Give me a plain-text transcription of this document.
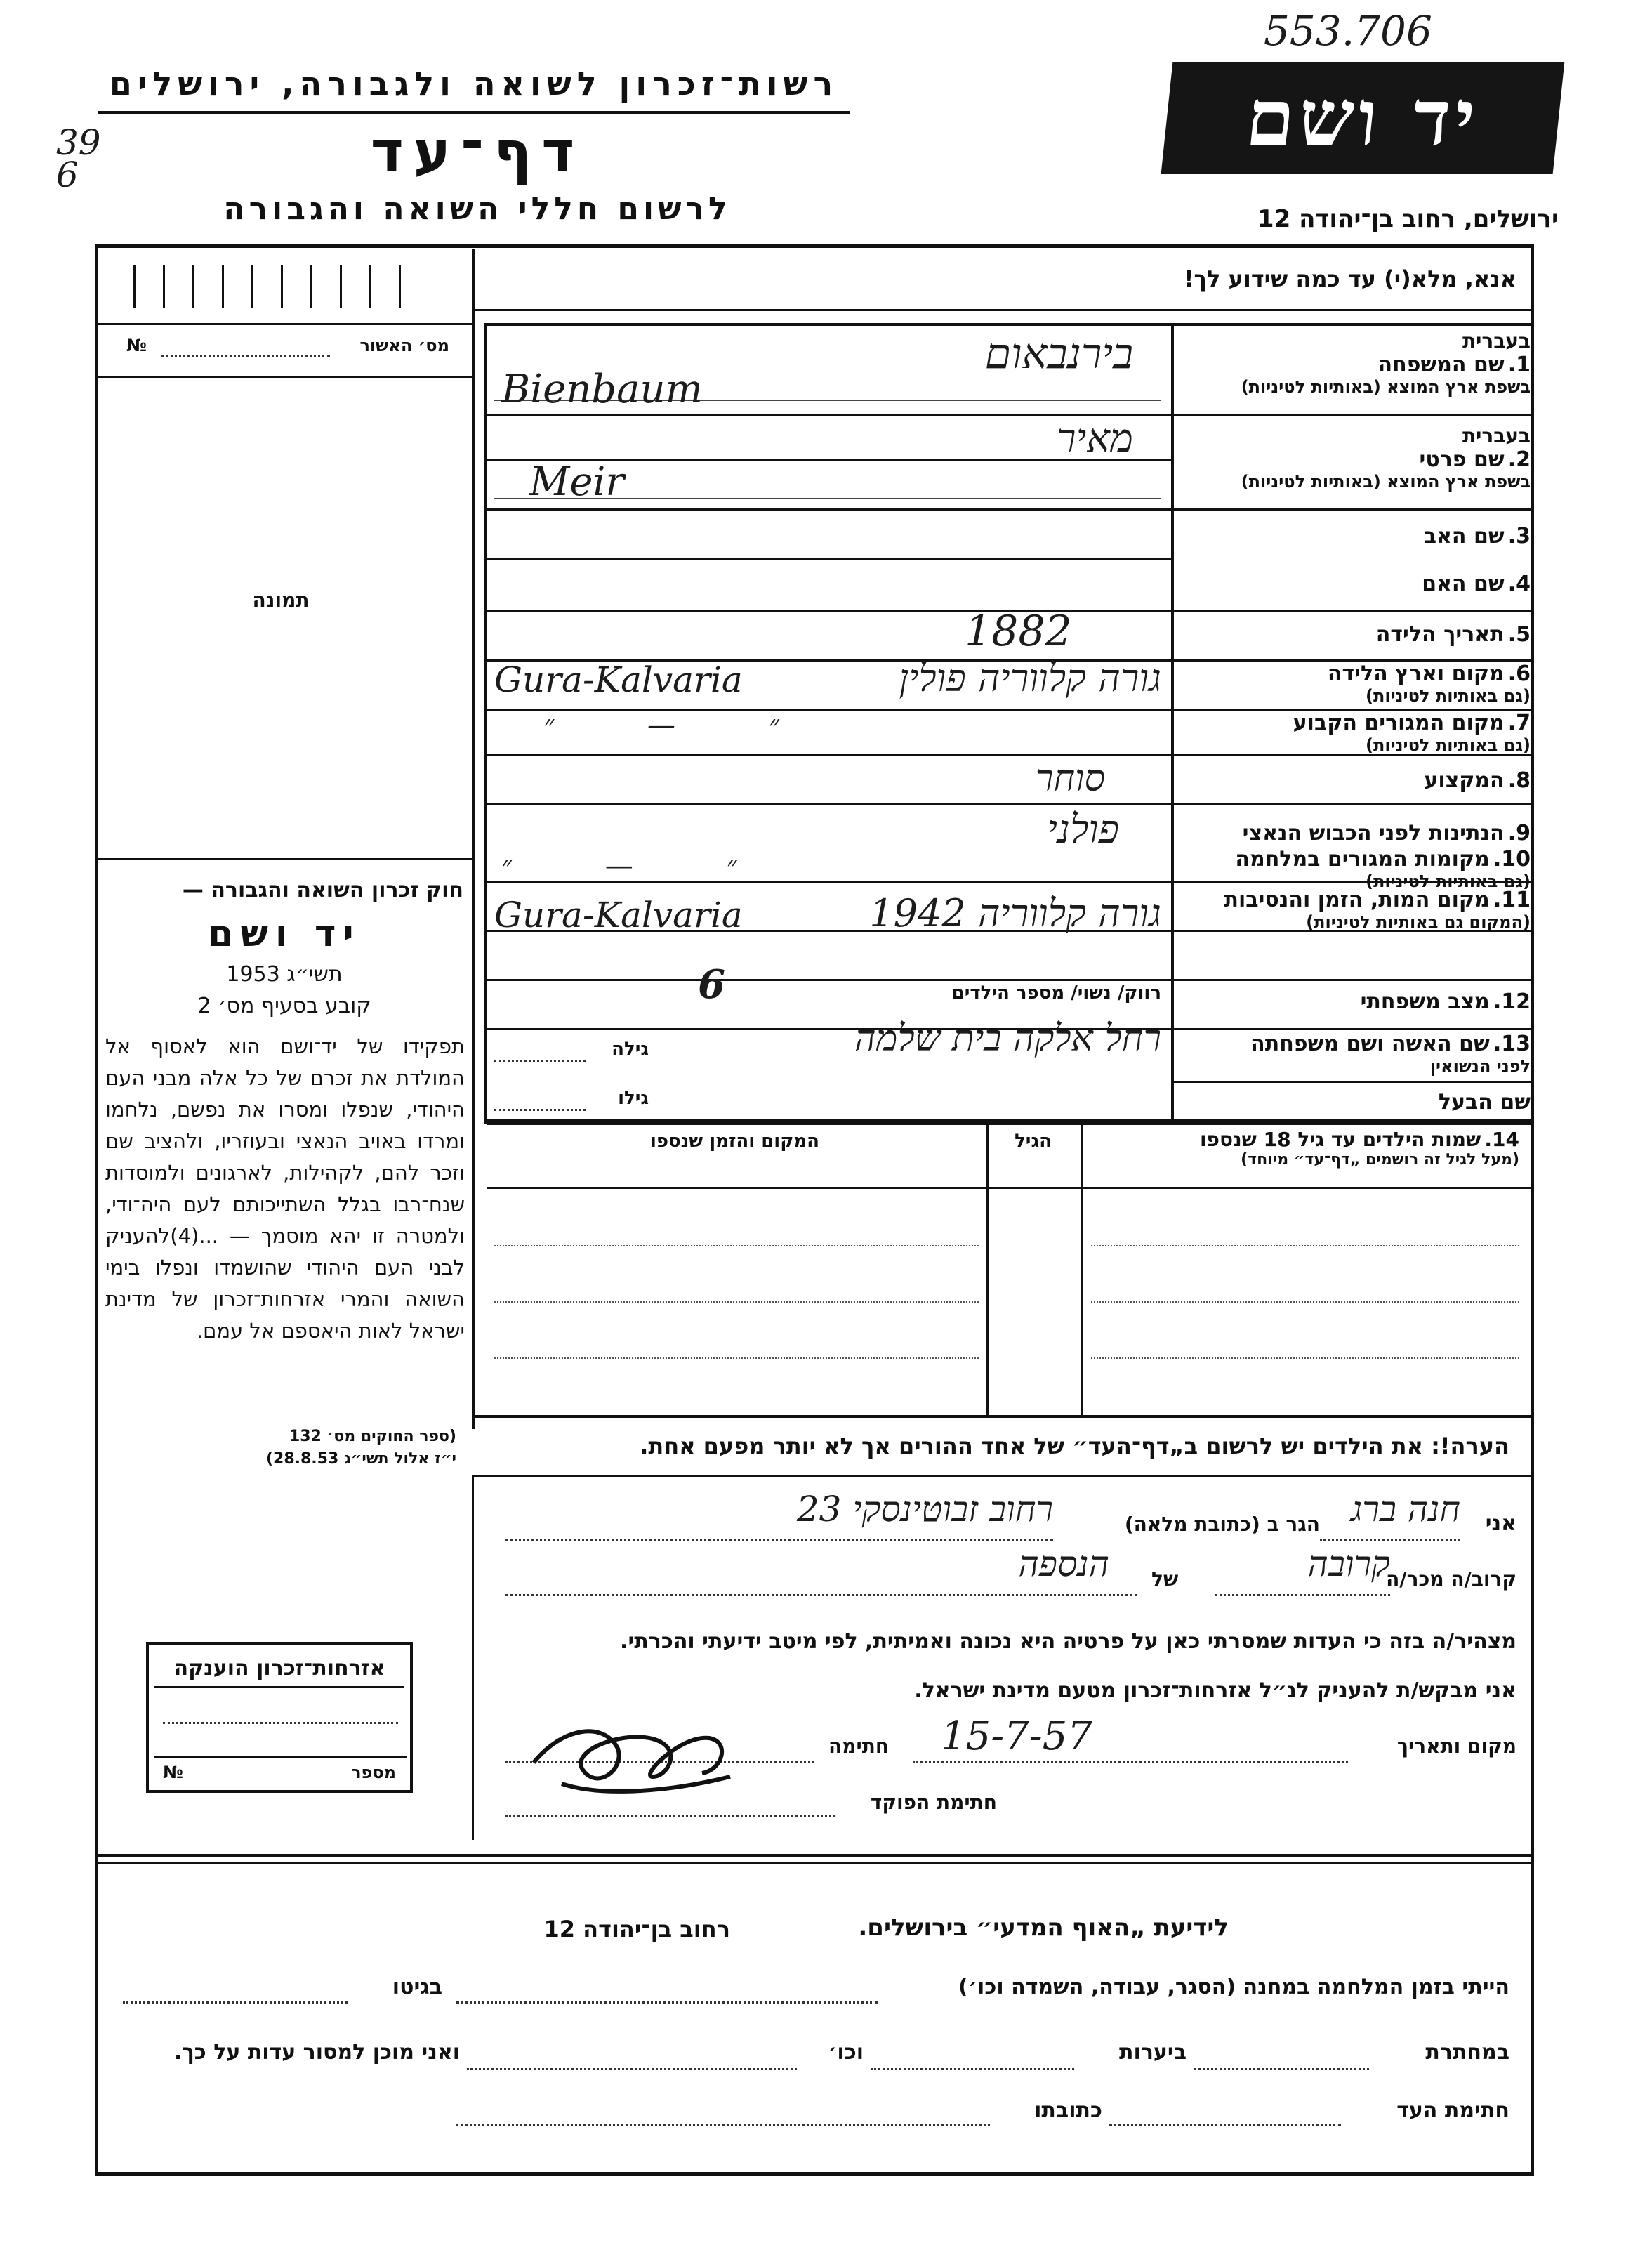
553.706
39
6
רשות־זכרון לשואה ולגבורה, ירושלים	יד ושם
דף־עד
לרשום חללי השואה והגבורה	ירושלים, רחוב בן־יהודה 12
מס׳ האשור
№
תמונה
חוק זכרון השואה והגבורה —
יד ושם
תשי״ג 1953
קובע בסעיף מס׳ 2
תפקידו של יד־ושם הוא לאסוף אל המולדת את זכרם של כל אלה מבני העם היהודי, שנפלו ומסרו את נפשם, נלחמו ומרדו באויב הנאצי ובעוזריו, ולהציב שם וזכר להם, לקהילות, לארגונים ולמוסדות שנח־רבו בגלל השתייכותם לעם היה־ודי, ולמטרה זו יהא מוסמך — ...(4)להעניק לבני העם היהודי שהושמדו ונפלו בימי השואה והמרי אזרחות־זכרון של מדינת ישראל לאות היאספם אל עמם.
(ספר החוקים מס׳ 132
י״ז אלול תשי״ג 28.8.53)
אזרחות־זכרון הוענקה
מספר
№
אנא, מלא(י) עד כמה שידוע לך!
בעברית
1. שם המשפחה
בשפת ארץ המוצא (באותיות לטיניות)
בעברית
2. שם פרטי
בשפת ארץ המוצא (באותיות לטיניות)
3. שם האב
4. שם האם
5. תאריך הלידה
6. מקום וארץ הלידה
(גם באותיות לטיניות)
7. מקום המגורים הקבוע
(גם באותיות לטיניות)
8. המקצוע
9. הנתינות לפני הכבוש הנאצי
10. מקומות המגורים במלחמה
(גם באותיות לטיניות)
11. מקום המות, הזמן והנסיבות
(המקום גם באותיות לטיניות)
12. מצב משפחתי
13. שם האשה ושם משפחתה
לפני הנשואין
שם הבעל
בירנבאום
Bienbaum
מאיר
Meir
1882
גורה קלווריה פולין
Gura-Kalvaria
״ — ״
סוחר
פולני
״ — ״
גורה קלווריה 1942
Gura-Kalvaria
רווק/ נשוי/ מספר הילדים
6
רחל אלקה בית שלמה
גילה
גילו
14. שמות הילדים עד גיל 18 שנספו
(מעל לגיל זה רושמים „דף־עד״ מיוחד)
הגיל
המקום והזמן שנספו
הערה!: את הילדים יש לרשום ב„דף־העד״ של אחד ההורים אך לא יותר מפעם אחת.
אני
חנה ברג
הגר ב (כתובת מלאה)
רחוב זבוטינסקי 23
קרוב/ה מכר/ה
קרובה
של
הנספה
מצהיר/ה בזה כי העדות שמסרתי כאן על פרטיה היא נכונה ואמיתית, לפי מיטב ידיעתי והכרתי.
אני מבקש/ת להעניק לנ״ל אזרחות־זכרון מטעם מדינת ישראל.
מקום ותאריך
15-7-57
חתימה
חתימת הפוקד
לידיעת „האוף המדעי״ בירושלים.
רחוב בן־יהודה 12
הייתי בזמן המלחמה במחנה (הסגר, עבודה, השמדה וכו׳)
בגיטו
במחתרת
ביערות
וכו׳
ואני מוכן למסור עדות על כך.
חתימת העד
כתובתו
